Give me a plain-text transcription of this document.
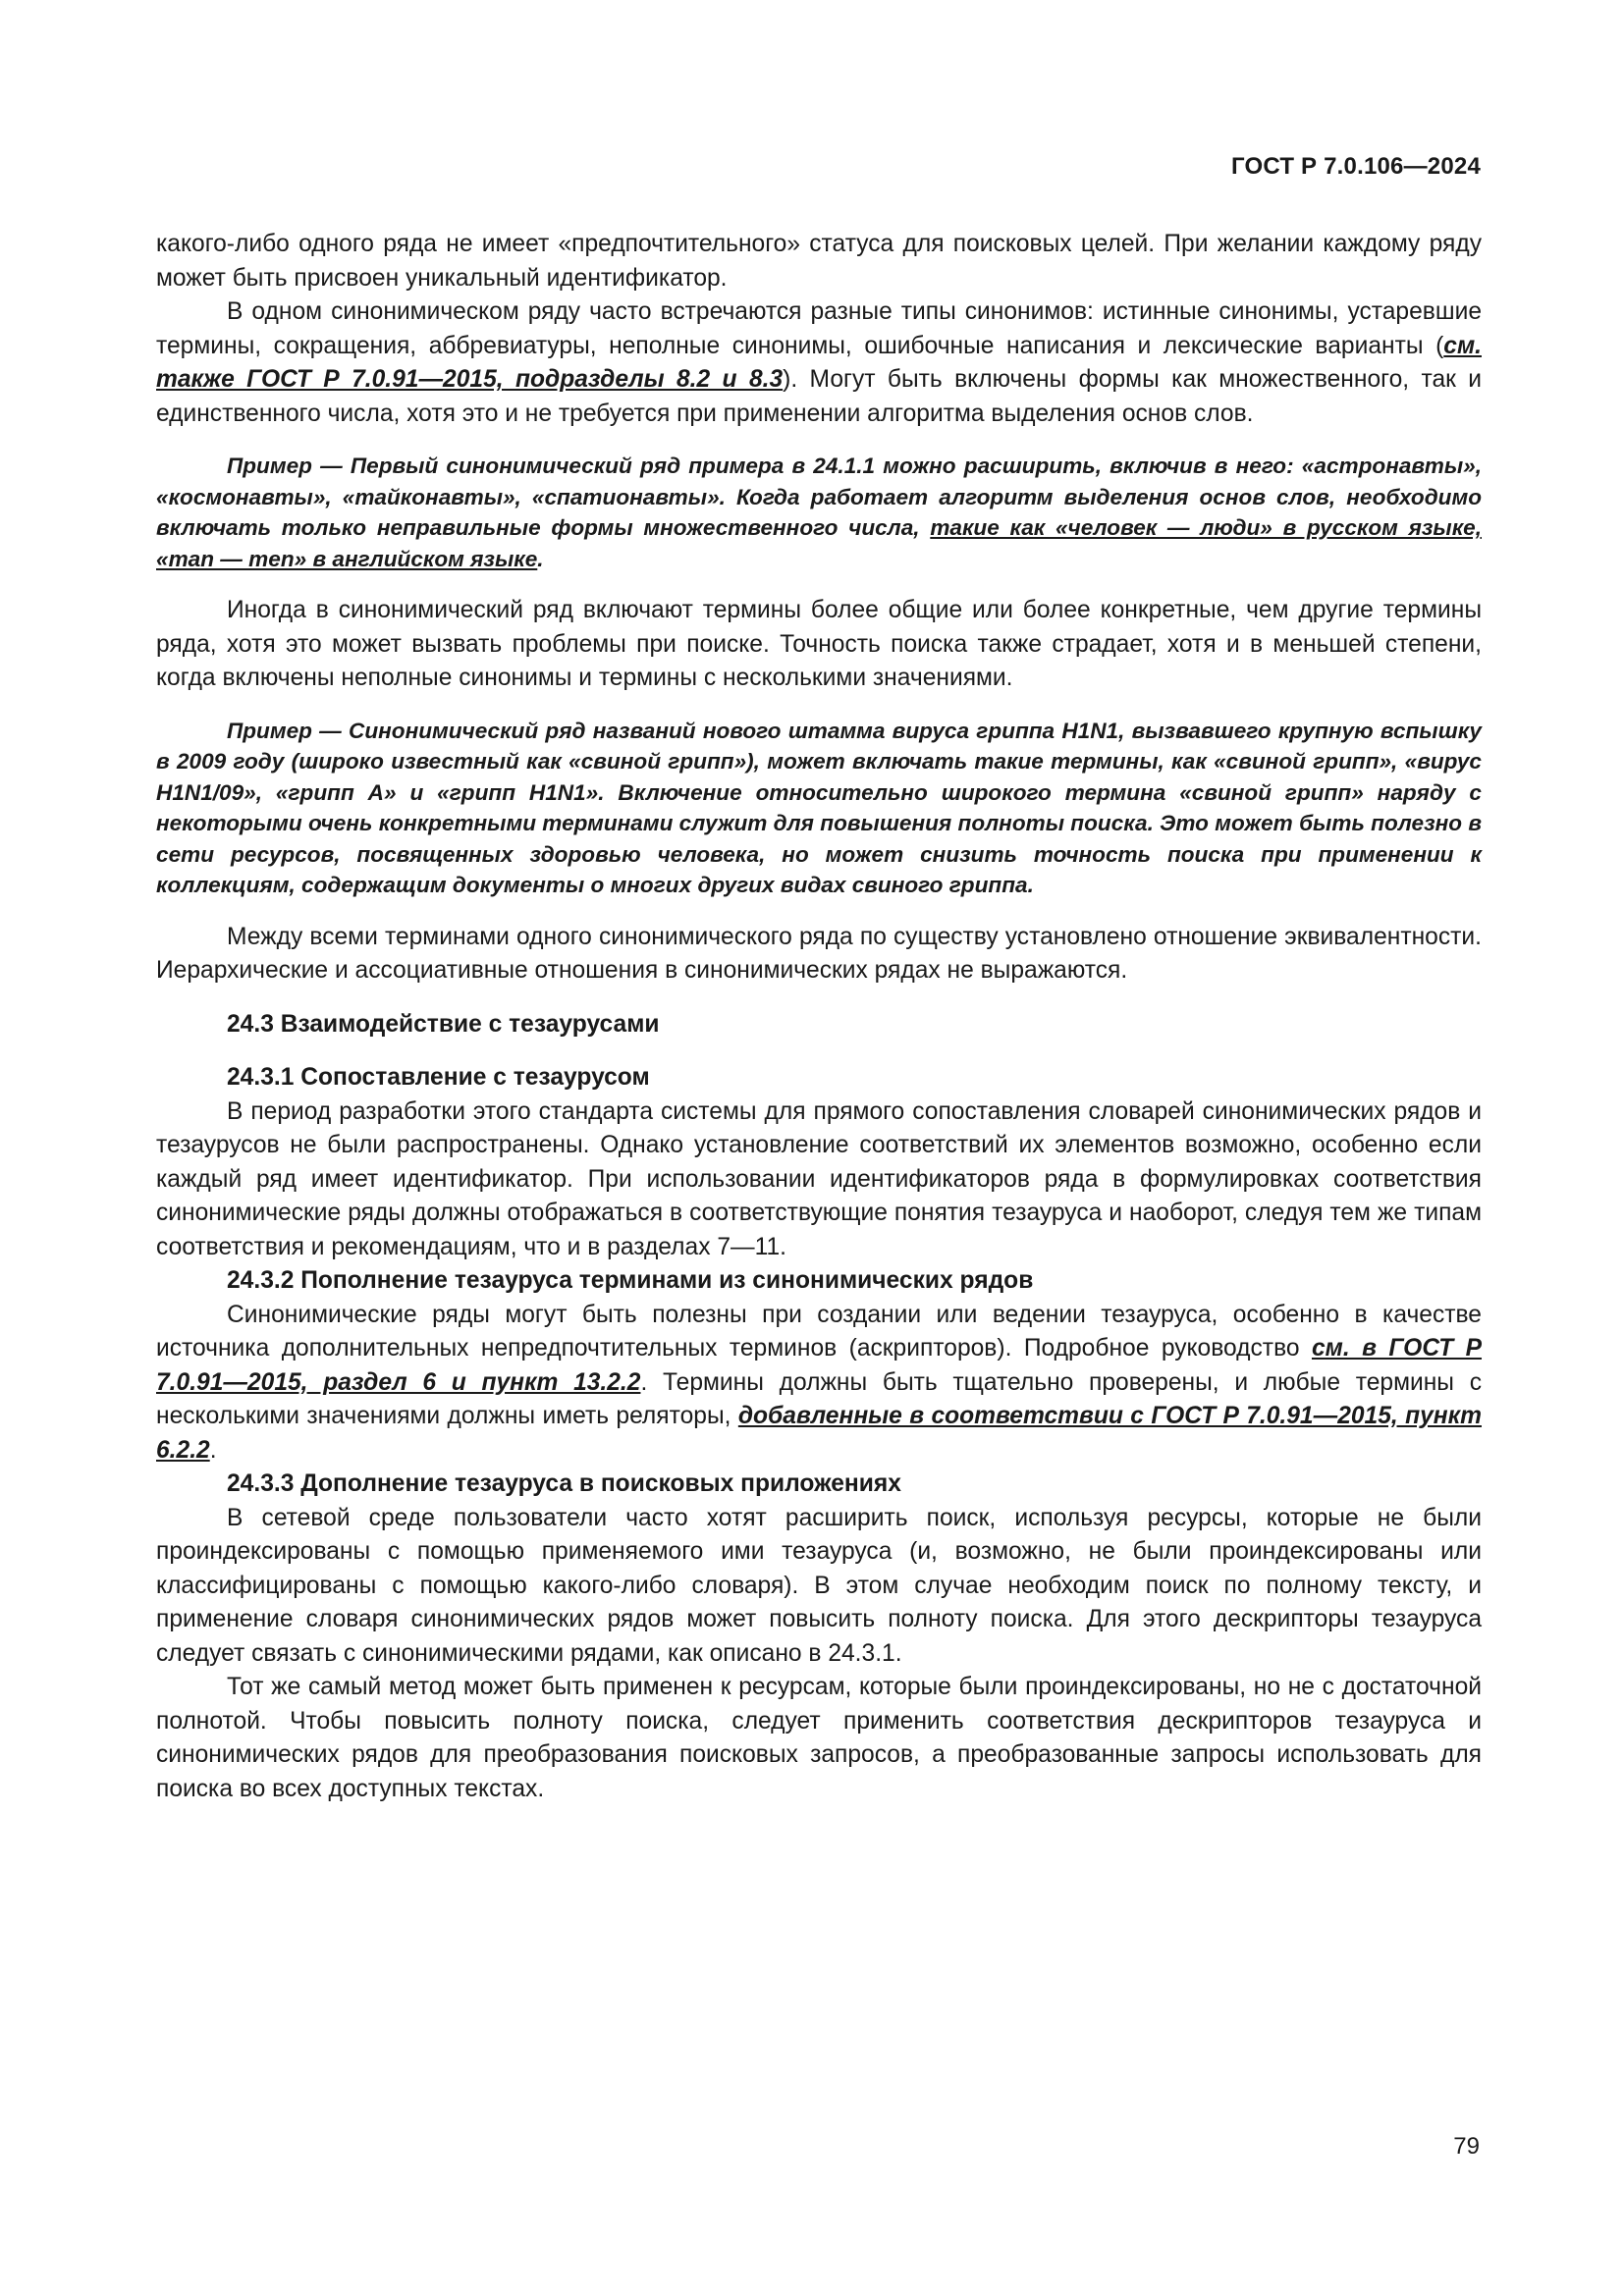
ГОСТ Р 7.0.106—2024

какого-либо одного ряда не имеет «предпочтительного» статуса для поисковых целей. При желании каждому ряду может быть присвоен уникальный идентификатор.

В одном синонимическом ряду часто встречаются разные типы синонимов: истинные синонимы, устаревшие термины, сокращения, аббревиатуры, неполные синонимы, ошибочные написания и лексические варианты (см. также ГОСТ Р 7.0.91—2015, подразделы 8.2 и 8.3). Могут быть включены формы как множественного, так и единственного числа, хотя это и не требуется при применении алгоритма выделения основ слов.

Пример — Первый синонимический ряд примера в 24.1.1 можно расширить, включив в него: «астронавты», «космонавты», «тайконавты», «спатионавты». Когда работает алгоритм выделения основ слов, необходимо включать только неправильные формы множественного числа, такие как «человек — люди» в русском языке, «man — men» в английском языке.

Иногда в синонимический ряд включают термины более общие или более конкретные, чем другие термины ряда, хотя это может вызвать проблемы при поиске. Точность поиска также страдает, хотя и в меньшей степени, когда включены неполные синонимы и термины с несколькими значениями.

Пример — Синонимический ряд названий нового штамма вируса гриппа H1N1, вызвавшего крупную вспышку в 2009 году (широко известный как «свиной грипп»), может включать такие термины, как «свиной грипп», «вирус H1N1/09», «грипп А» и «грипп H1N1». Включение относительно широкого термина «свиной грипп» наряду с некоторыми очень конкретными терминами служит для повышения полноты поиска. Это может быть полезно в сети ресурсов, посвященных здоровью человека, но может снизить точность поиска при применении к коллекциям, содержащим документы о многих других видах свиного гриппа.

Между всеми терминами одного синонимического ряда по существу установлено отношение эквивалентности. Иерархические и ассоциативные отношения в синонимических рядах не выражаются.

24.3 Взаимодействие с тезаурусами

24.3.1 Сопоставление с тезаурусом

В период разработки этого стандарта системы для прямого сопоставления словарей синонимических рядов и тезаурусов не были распространены. Однако установление соответствий их элементов возможно, особенно если каждый ряд имеет идентификатор. При использовании идентификаторов ряда в формулировках соответствия синонимические ряды должны отображаться в соответствующие понятия тезауруса и наоборот, следуя тем же типам соответствия и рекомендациям, что и в разделах 7—11.

24.3.2 Пополнение тезауруса терминами из синонимических рядов

Синонимические ряды могут быть полезны при создании или ведении тезауруса, особенно в качестве источника дополнительных непредпочтительных терминов (аскрипторов). Подробное руководство см. в ГОСТ Р 7.0.91—2015, раздел 6 и пункт 13.2.2. Термины должны быть тщательно проверены, и любые термины с несколькими значениями должны иметь реляторы, добавленные в соответствии с ГОСТ Р 7.0.91—2015, пункт 6.2.2.

24.3.3 Дополнение тезауруса в поисковых приложениях

В сетевой среде пользователи часто хотят расширить поиск, используя ресурсы, которые не были проиндексированы с помощью применяемого ими тезауруса (и, возможно, не были проиндексированы или классифицированы с помощью какого-либо словаря). В этом случае необходим поиск по полному тексту, и применение словаря синонимических рядов может повысить полноту поиска. Для этого дескрипторы тезауруса следует связать с синонимическими рядами, как описано в 24.3.1.

Тот же самый метод может быть применен к ресурсам, которые были проиндексированы, но не с достаточной полнотой. Чтобы повысить полноту поиска, следует применить соответствия дескрипторов тезауруса и синонимических рядов для преобразования поисковых запросов, а преобразованные запросы использовать для поиска во всех доступных текстах.

79
